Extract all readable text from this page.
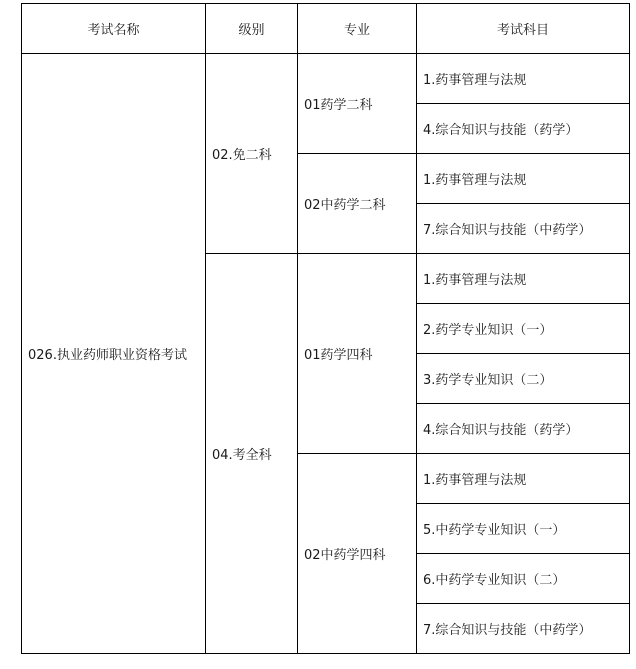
考试名称	级别	专业	考试科目
026.执业药师职业资格考试	02.免二科	01药学二科	1.药事管理与法规
			4.综合知识与技能（药学）
		02中药学二科	1.药事管理与法规
			7.综合知识与技能（中药学）
	04.考全科	01药学四科	1.药事管理与法规
			2.药学专业知识（一）
			3.药学专业知识（二）
			4.综合知识与技能（药学）
		02中药学四科	1.药事管理与法规
			5.中药学专业知识（一）
			6.中药学专业知识（二）
			7.综合知识与技能（中药学）
